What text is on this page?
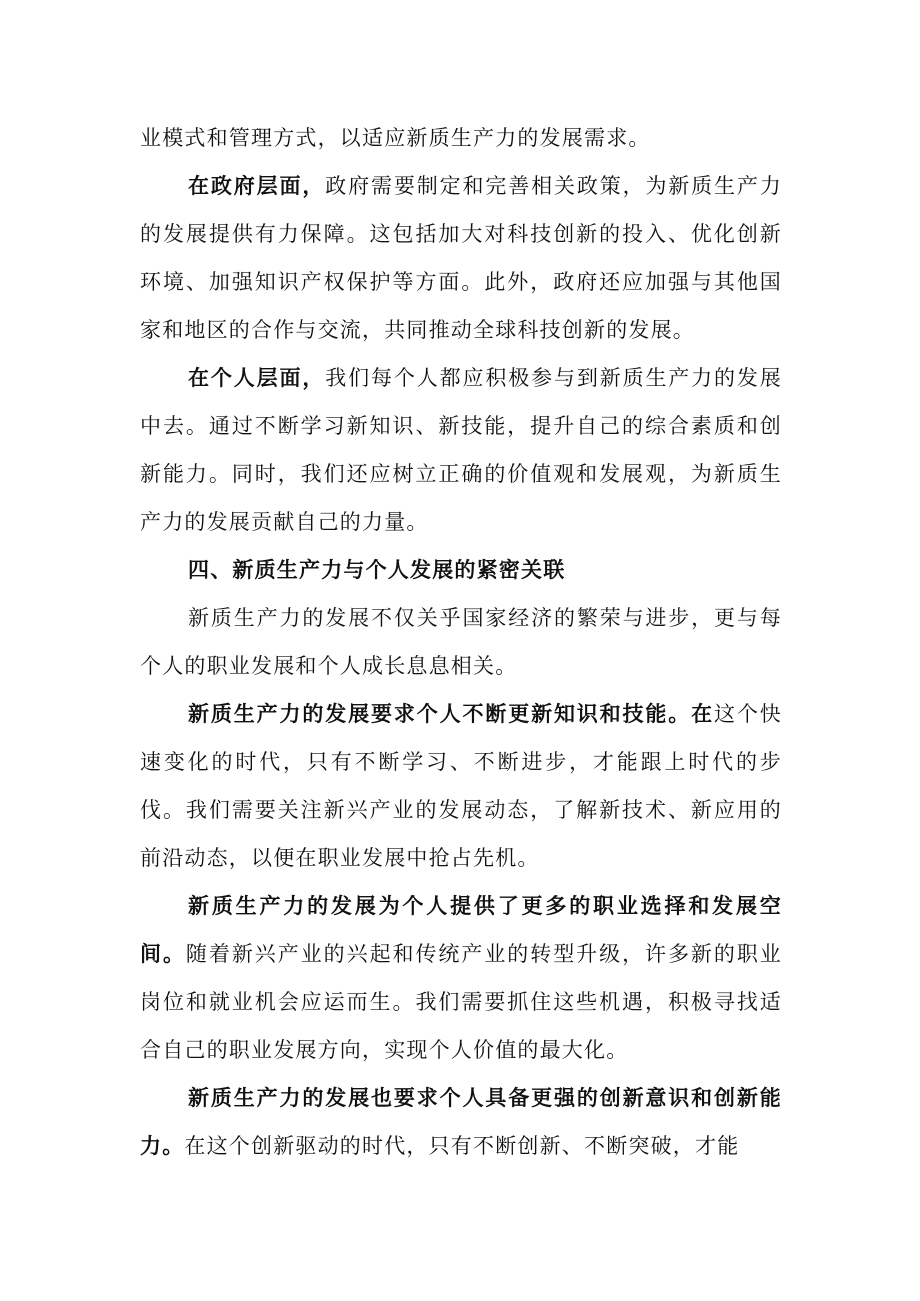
业模式和管理方式，以适应新质生产力的发展需求。

在政府层面，政府需要制定和完善相关政策，为新质生产力的发展提供有力保障。这包括加大对科技创新的投入、优化创新环境、加强知识产权保护等方面。此外，政府还应加强与其他国家和地区的合作与交流，共同推动全球科技创新的发展。

在个人层面，我们每个人都应积极参与到新质生产力的发展中去。通过不断学习新知识、新技能，提升自己的综合素质和创新能力。同时，我们还应树立正确的价值观和发展观，为新质生产力的发展贡献自己的力量。

四、新质生产力与个人发展的紧密关联

新质生产力的发展不仅关乎国家经济的繁荣与进步，更与每个人的职业发展和个人成长息息相关。

新质生产力的发展要求个人不断更新知识和技能。在这个快速变化的时代，只有不断学习、不断进步，才能跟上时代的步伐。我们需要关注新兴产业的发展动态，了解新技术、新应用的前沿动态，以便在职业发展中抢占先机。

新质生产力的发展为个人提供了更多的职业选择和发展空间。随着新兴产业的兴起和传统产业的转型升级，许多新的职业岗位和就业机会应运而生。我们需要抓住这些机遇，积极寻找适合自己的职业发展方向，实现个人价值的最大化。

新质生产力的发展也要求个人具备更强的创新意识和创新能力。在这个创新驱动的时代，只有不断创新、不断突破，才能
